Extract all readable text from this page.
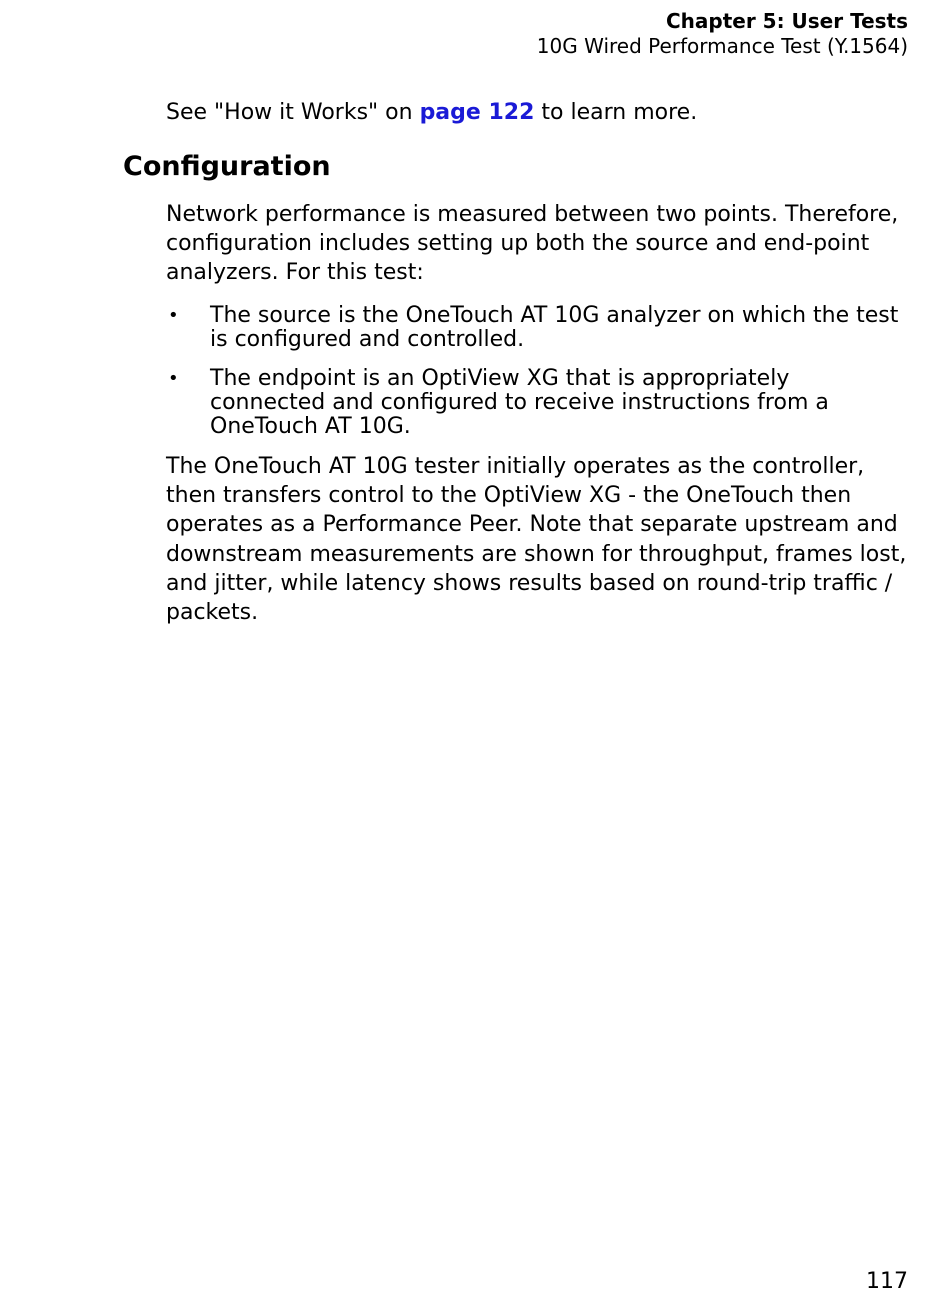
Chapter 5: User Tests
10G Wired Performance Test (Y.1564)
See "How it Works" on page 122 to learn more.
Configuration
Network performance is measured between two points. Therefore, configuration includes setting up both the source and end-point analyzers. For this test:
• The source is the OneTouch AT 10G analyzer on which the test is configured and controlled.
• The endpoint is an OptiView XG that is appropriately connected and configured to receive instructions from a OneTouch AT 10G.
The OneTouch AT 10G tester initially operates as the controller, then transfers control to the OptiView XG - the OneTouch then operates as a Performance Peer. Note that separate upstream and downstream measurements are shown for throughput, frames lost, and jitter, while latency shows results based on round-trip traffic / packets.
117
